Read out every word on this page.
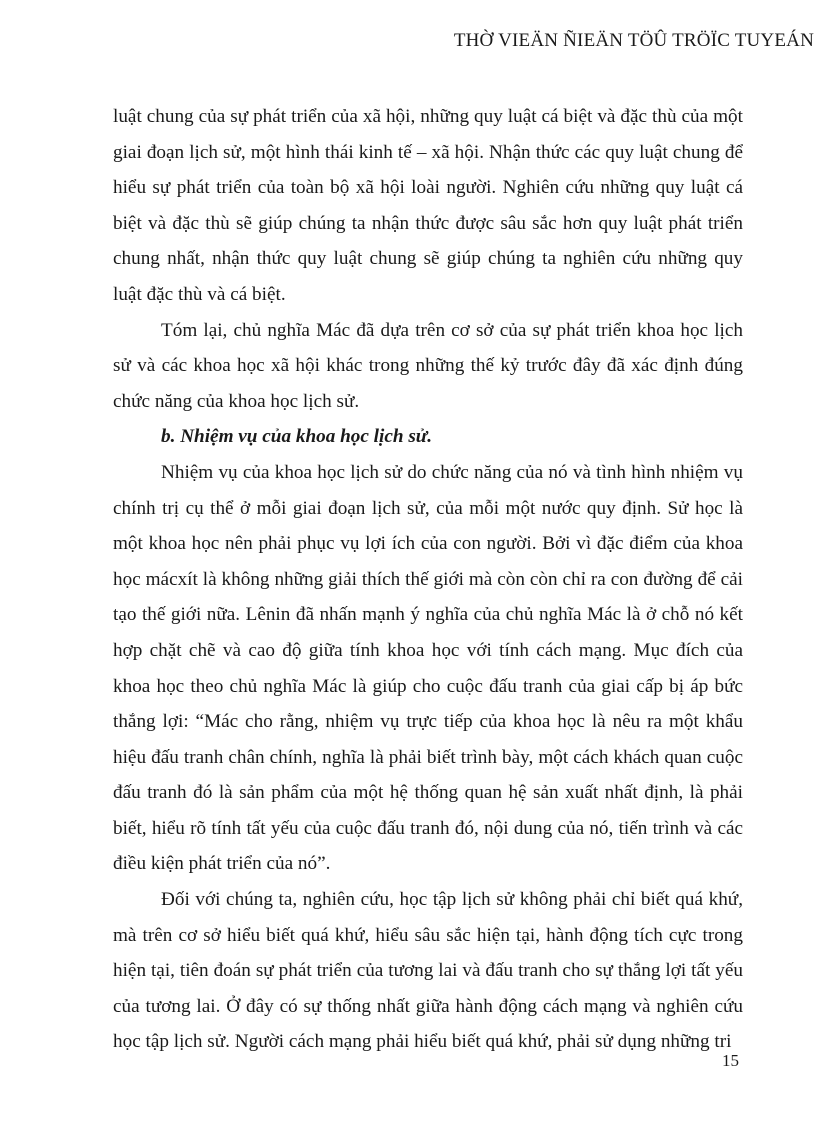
THỜ VIEÄN ÑIEÄN TÖÛ TRÖÏC TUYEÁN

luật chung của sự phát triển của xã hội, những quy luật cá biệt và đặc thù của một giai đoạn lịch sử, một hình thái kinh tế – xã hội. Nhận thức các quy luật chung để hiểu sự phát triển của toàn bộ xã hội loài người. Nghiên cứu những quy luật cá biệt và đặc thù sẽ giúp chúng ta nhận thức được sâu sắc hơn quy luật phát triển chung nhất, nhận thức quy luật chung sẽ giúp chúng ta nghiên cứu những quy luật đặc thù và cá biệt.

Tóm lại, chủ nghĩa Mác đã dựa trên cơ sở của sự phát triển khoa học lịch sử và các khoa học xã hội khác trong những thế kỷ trước đây đã xác định đúng chức năng của khoa học lịch sử.

b. Nhiệm vụ của khoa học lịch sử.

Nhiệm vụ của khoa học lịch sử do chức năng của nó và tình hình nhiệm vụ chính trị cụ thể ở mỗi giai đoạn lịch sử, của mỗi một nước quy định. Sử học là một khoa học nên phải phục vụ lợi ích của con người. Bởi vì đặc điểm của khoa học mácxít là không những giải thích thế giới mà còn còn chỉ ra con đường để cải tạo thế giới nữa. Lênin đã nhấn mạnh ý nghĩa của chủ nghĩa Mác là ở chỗ nó kết hợp chặt chẽ và cao độ giữa tính khoa học với tính cách mạng. Mục đích của khoa học theo chủ nghĩa Mác là giúp cho cuộc đấu tranh của giai cấp bị áp bức thắng lợi: “Mác cho rằng, nhiệm vụ trực tiếp của khoa học là nêu ra một khẩu hiệu đấu tranh chân chính, nghĩa là phải biết trình bày, một cách khách quan cuộc đấu tranh đó là sản phẩm của một hệ thống quan hệ sản xuất nhất định, là phải biết, hiểu rõ tính tất yếu của cuộc đấu tranh đó, nội dung của nó, tiến trình và các điều kiện phát triển của nó”.

Đối với chúng ta, nghiên cứu, học tập lịch sử không phải chỉ biết quá khứ, mà trên cơ sở hiểu biết quá khứ, hiểu sâu sắc hiện tại, hành động tích cực trong hiện tại, tiên đoán sự phát triển của tương lai và đấu tranh cho sự thắng lợi tất yếu của tương lai. Ở đây có sự thống nhất giữa hành động cách mạng và nghiên cứu học tập lịch sử. Người cách mạng phải hiểu biết quá khứ, phải sử dụng những tri

15
